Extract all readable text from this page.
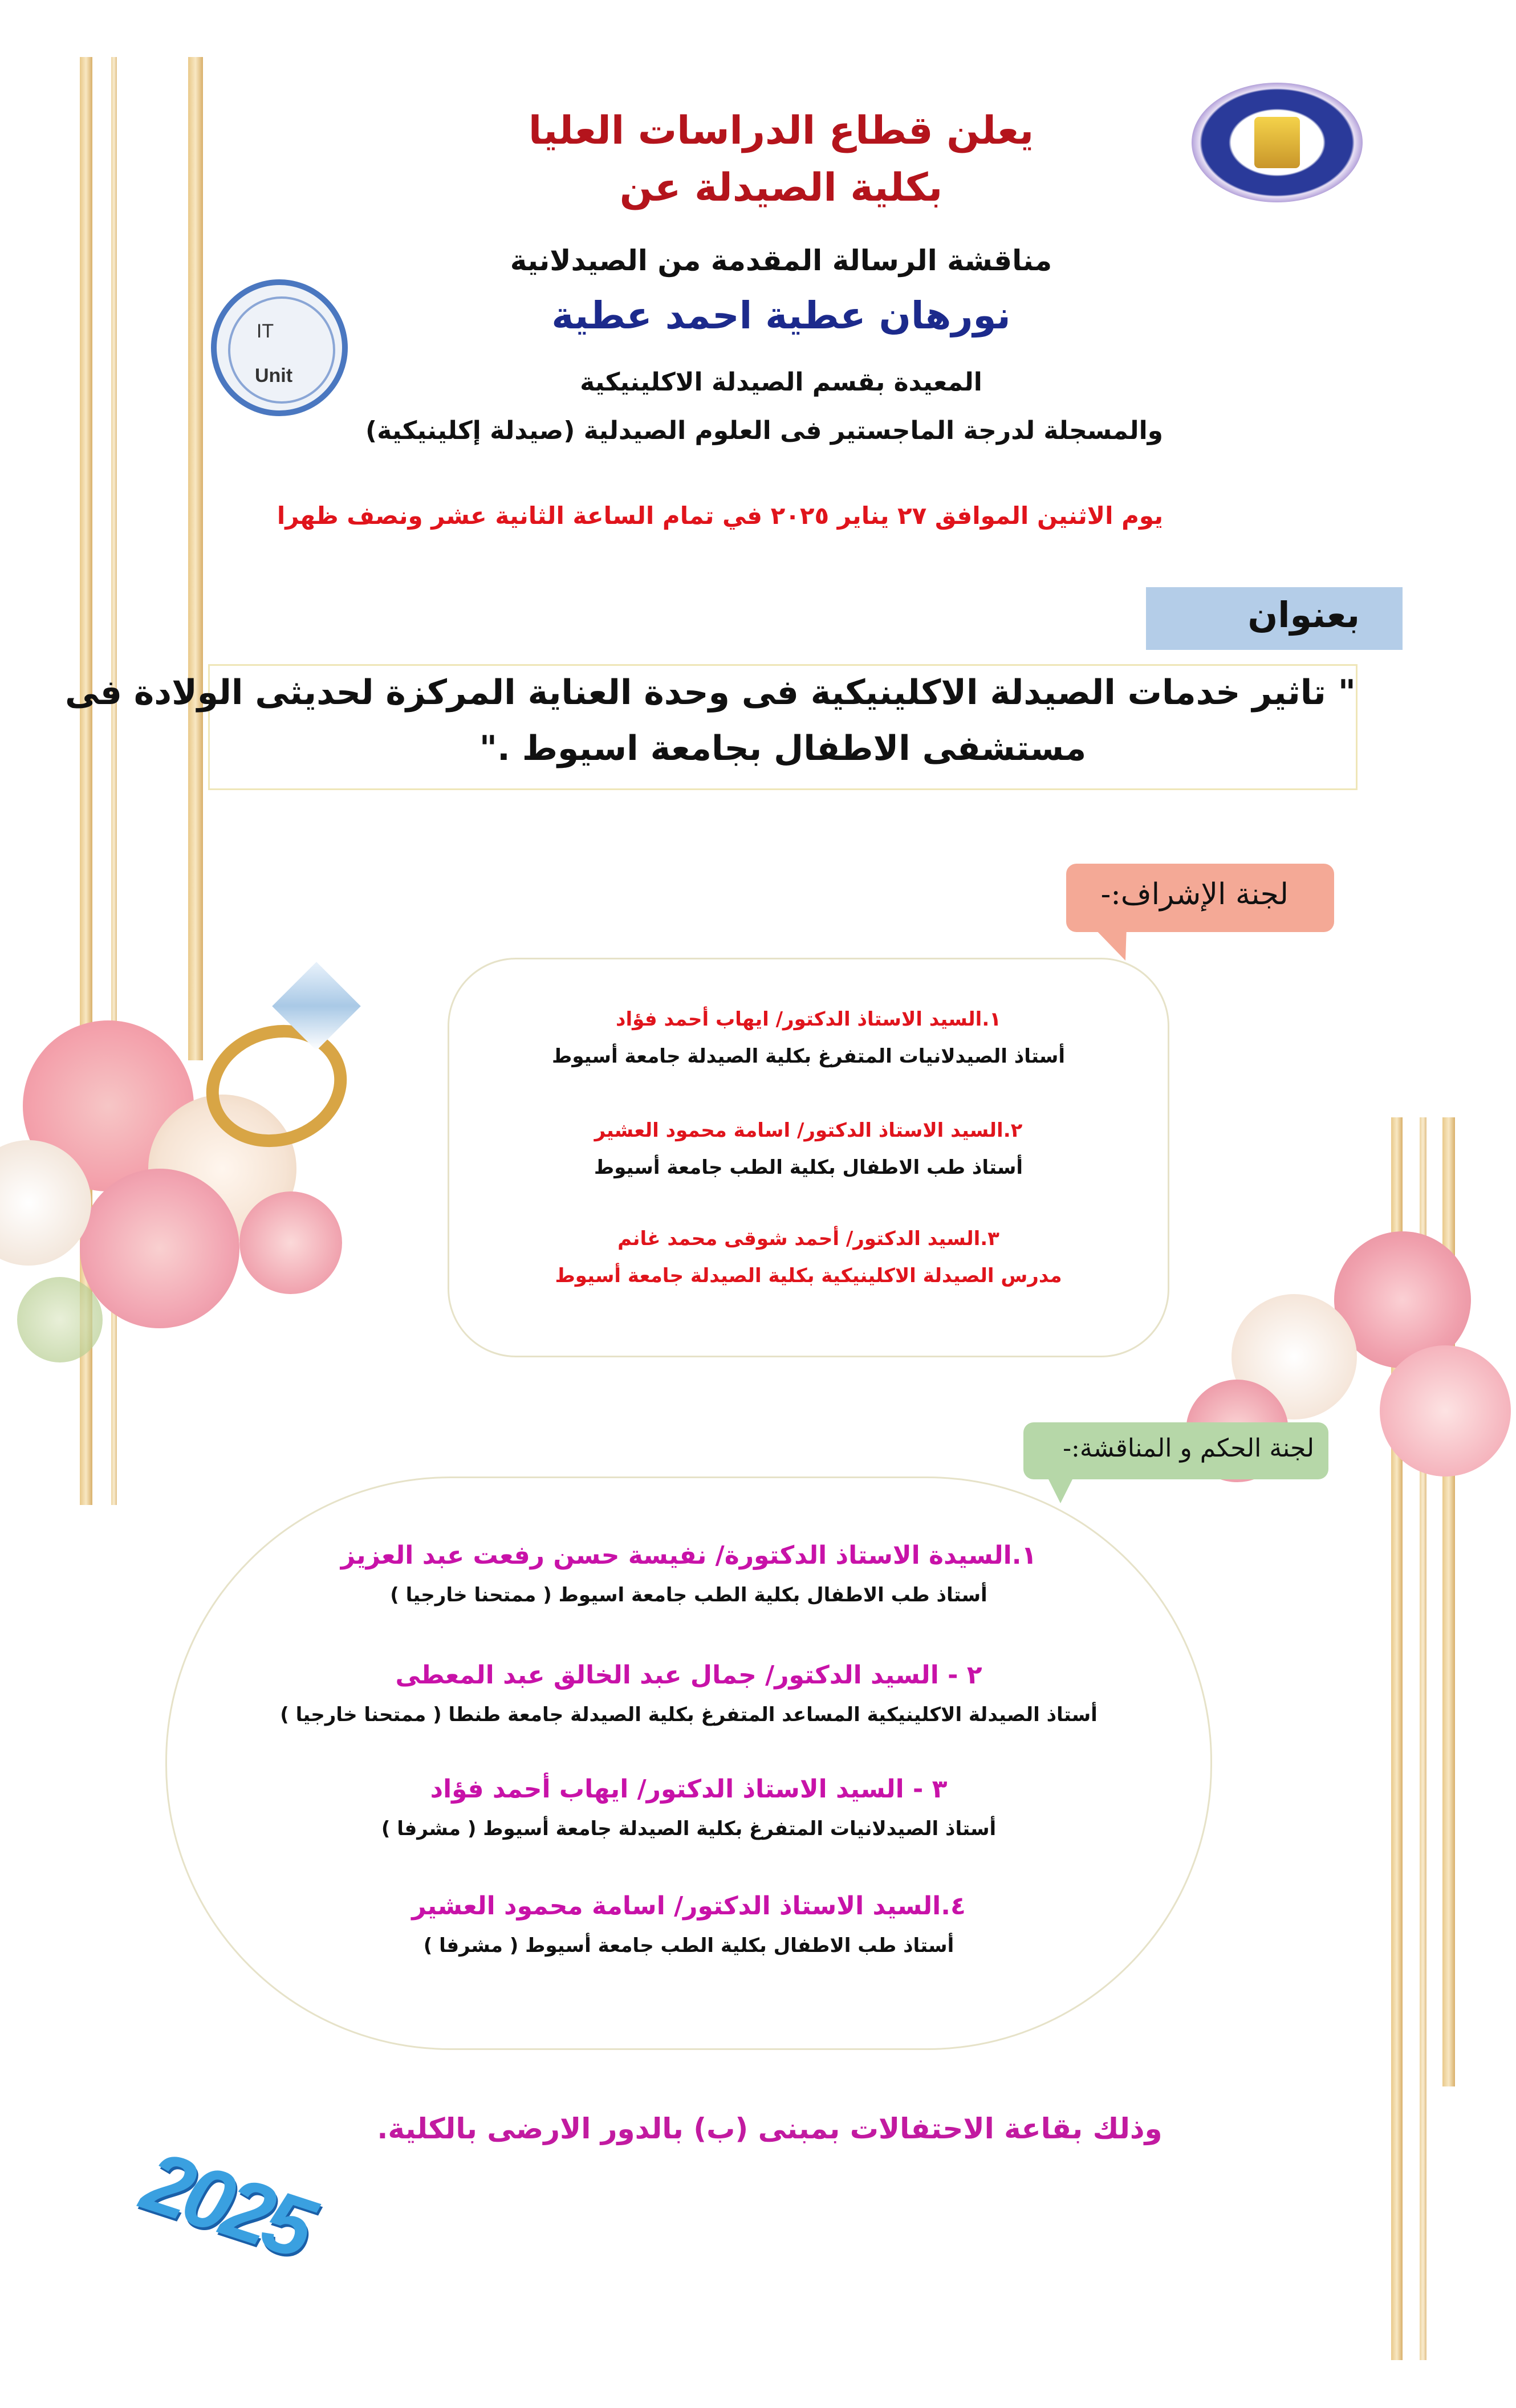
IT
Unit
يعلن قطاع الدراسات العليا
بكلية الصيدلة عن
مناقشة الرسالة المقدمة من الصيدلانية
نورهان عطية احمد عطية
المعيدة بقسم الصيدلة الاكلينيكية
والمسجلة لدرجة الماجستير فى العلوم الصيدلية (صيدلة إكلينيكية)
يوم الاثنين الموافق ٢٧ يناير ٢٠٢٥ في تمام الساعة الثانية عشر ونصف ظهرا
بعنوان
" تاثير خدمات الصيدلة الاكلينيكية فى وحدة العناية المركزة لحديثى الولادة فى
مستشفى الاطفال بجامعة اسيوط ."
لجنة الإشراف:-
١.السيد الاستاذ الدكتور/ ايهاب أحمد فؤاد
أستاذ الصيدلانيات المتفرغ بكلية الصيدلة جامعة أسيوط
٢.السيد الاستاذ الدكتور/ اسامة محمود العشير
أستاذ طب الاطفال بكلية الطب جامعة أسيوط
٣.السيد الدكتور/ أحمد شوقى محمد غانم
مدرس الصيدلة الاكلينيكية بكلية الصيدلة جامعة أسيوط
لجنة الحكم و المناقشة:-
١.السيدة الاستاذ الدكتورة/ نفيسة حسن رفعت عبد العزيز
أستاذ طب الاطفال بكلية الطب جامعة اسيوط ( ممتحنا خارجيا )
٢ - السيد الدكتور/ جمال عبد الخالق عبد المعطى
أستاذ الصيدلة الاكلينيكية المساعد المتفرغ بكلية الصيدلة جامعة طنطا ( ممتحنا خارجيا )
٣ - السيد الاستاذ الدكتور/ ايهاب أحمد فؤاد
أستاذ الصيدلانيات المتفرغ بكلية الصيدلة جامعة أسيوط ( مشرفا )
٤.السيد الاستاذ الدكتور/ اسامة محمود العشير
أستاذ طب الاطفال بكلية الطب جامعة أسيوط ( مشرفا )
وذلك بقاعة الاحتفالات بمبنى (ب) بالدور الارضى بالكلية.
2025
